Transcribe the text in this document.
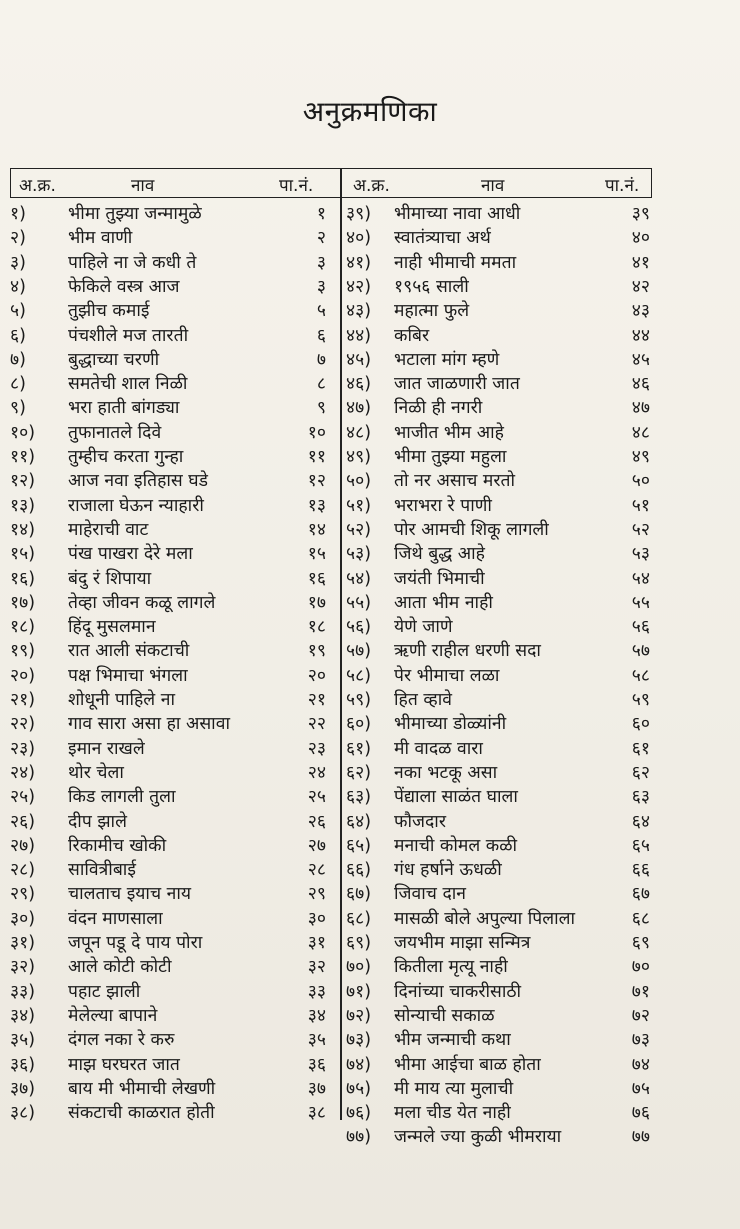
अनुक्रमणिका
अ.क्र.	नाव	पा.नं. अ.क्र.	नाव	पा.नं.
१)	भीमा तुझ्या जन्मामुळे	१
२)	भीम वाणी	२
३)	पाहिले ना जे कधी ते	३
४)	फेकिले वस्त्र आज	३
५)	तुझीच कमाई	५
६)	पंचशीले मज तारती	६
७)	बुद्धाच्या चरणी	७
८)	समतेची शाल निळी	८
९)	भरा हाती बांगड्या	९
१०)	तुफानातले दिवे	१०
११)	तुम्हीच करता गुन्हा	११
१२)	आज नवा इतिहास घडे	१२
१३)	राजाला घेऊन न्याहारी	१३
१४)	माहेराची वाट	१४
१५)	पंख पाखरा देरे मला	१५
१६)	बंदु रं शिपाया	१६
१७)	तेव्हा जीवन कळू लागले	१७
१८)	हिंदू मुसलमान	१८
१९)	रात आली संकटाची	१९
२०)	पक्ष भिमाचा भंगला	२०
२१)	शोधूनी पाहिले ना	२१
२२)	गाव सारा असा हा असावा	२२
२३)	इमान राखले	२३
२४)	थोर चेला	२४
२५)	किड लागली तुला	२५
२६)	दीप झाले	२६
२७)	रिकामीच खोकी	२७
२८)	सावित्रीबाई	२८
२९)	चालताच इयाच नाय	२९
३०)	वंदन माणसाला	३०
३१)	जपून पडू दे पाय पोरा	३१
३२)	आले कोटी कोटी	३२
३३)	पहाट झाली	३३
३४)	मेलेल्या बापाने	३४
३५)	दंगल नका रे करु	३५
३६)	माझ घरघरत जात	३६
३७)	बाय मी भीमाची लेखणी	३७
३८)	संकटाची काळरात होती	३८
३९)	भीमाच्या नावा आधी	३९
४०)	स्वातंत्र्याचा अर्थ	४०
४१)	नाही भीमाची ममता	४१
४२)	१९५६ साली	४२
४३)	महात्मा फुले	४३
४४)	कबिर	४४
४५)	भटाला मांग म्हणे	४५
४६)	जात जाळणारी जात	४६
४७)	निळी ही नगरी	४७
४८)	भाजीत भीम आहे	४८
४९)	भीमा तुझ्या महुला	४९
५०)	तो नर असाच मरतो	५०
५१)	भराभरा रे पाणी	५१
५२)	पोर आमची शिकू लागली	५२
५३)	जिथे बुद्ध आहे	५३
५४)	जयंती भिमाची	५४
५५)	आता भीम नाही	५५
५६)	येणे जाणे	५६
५७)	ऋणी राहील धरणी सदा	५७
५८)	पेर भीमाचा लळा	५८
५९)	हित व्हावे	५९
६०)	भीमाच्या डोळ्यांनी	६०
६१)	मी वादळ वारा	६१
६२)	नका भटकू असा	६२
६३)	पेंद्याला साळंत घाला	६३
६४)	फौजदार	६४
६५)	मनाची कोमल कळी	६५
६६)	गंध हर्षाने ऊधळी	६६
६७)	जिवाच दान	६७
६८)	मासळी बोले अपुल्या पिलाला	६८
६९)	जयभीम माझा सन्मित्र	६९
७०)	कितीला मृत्यू नाही	७०
७१)	दिनांच्या चाकरीसाठी	७१
७२)	सोन्याची सकाळ	७२
७३)	भीम जन्माची कथा	७३
७४)	भीमा आईचा बाळ होता	७४
७५)	मी माय त्या मुलाची	७५
७६)	मला चीड येत नाही	७६
७७)	जन्मले ज्या कुळी भीमराया	७७
